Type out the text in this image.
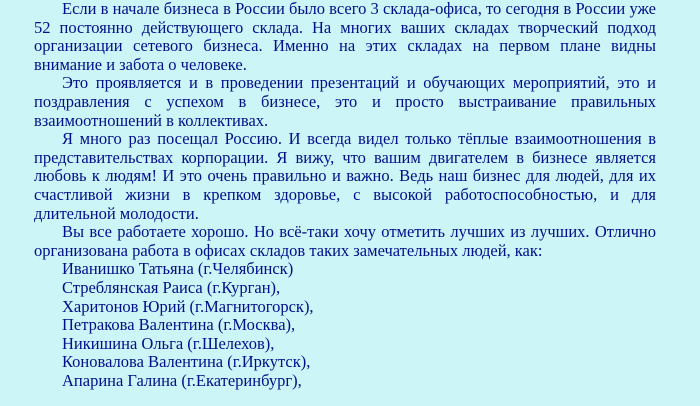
Если в начале бизнеса в России было всего 3 склада-офиса, то сегодня в России уже 52 постоянно действующего склада. На многих ваших складах творческий подход организации сетевого бизнеса. Именно на этих складах на первом плане видны внимание и забота о человеке.

Это проявляется и в проведении презентаций и обучающих мероприятий, это и поздравления с успехом в бизнесе, это и просто выстраивание правильных взаимоотношений в коллективах.

Я много раз посещал Россию. И всегда видел только тёплые взаимоотношения в представительствах корпорации. Я вижу, что вашим двигателем в бизнесе является любовь к людям! И это очень правильно и важно. Ведь наш бизнес для людей, для их счастливой жизни в крепком здоровье, с высокой работоспособностью, и для длительной молодости.

Вы все работаете хорошо. Но всё-таки хочу отметить лучших из лучших. Отлично организована работа в офисах складов таких замечательных людей, как:

Иванишко Татьяна (г.Челябинск)
Стреблянская Раиса (г.Курган),
Харитонов Юрий (г.Магнитогорск),
Петракова Валентина (г.Москва),
Никишина Ольга (г.Шелехов),
Коновалова Валентина (г.Иркутск),
Апарина Галина (г.Екатеринбург),
